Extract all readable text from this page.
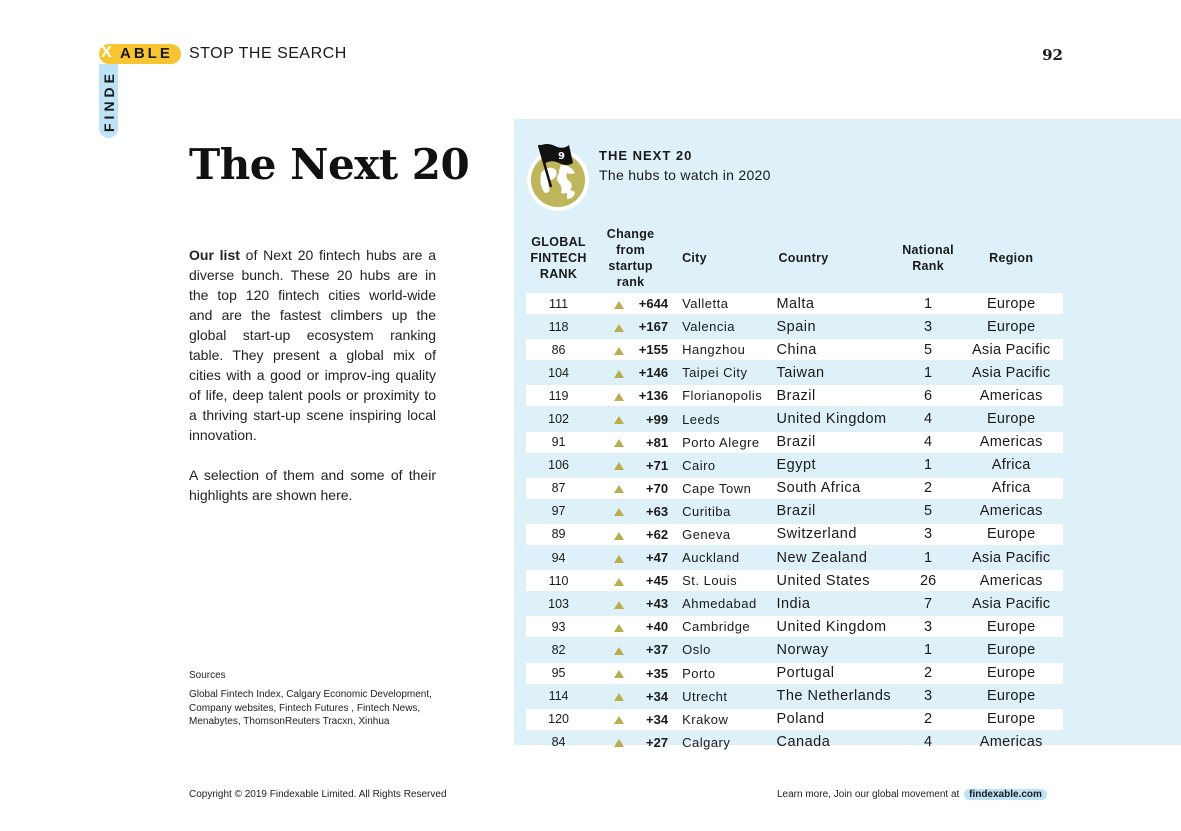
X ABLE
FINDE
STOP THE SEARCH	92
The Next 20

Our list of Next 20 fintech hubs are a diverse bunch. These 20 hubs are in the top 120 fintech cities world-wide and are the fastest climbers up the global start-up ecosystem ranking table. They present a global mix of cities with a good or improv-ing quality of life, deep talent pools or proximity to a thriving start-up scene inspiring local innovation.

A selection of them and some of their highlights are shown here.

Sources
Global Fintech Index, Calgary Economic Development, Company websites, Fintech Futures , Fintech News, Menabytes, ThomsonReuters Tracxn, Xinhua
9	THE NEXT 20
The hubs to watch in 2020
GLOBAL
FINTECH
RANK	Change
from
startup rank		City	Country	National
Rank	Region
111		+644	Valletta	Malta	1	Europe
118		+167	Valencia	Spain	3	Europe
86		+155	Hangzhou	China	5	Asia Pacific
104		+146	Taipei City	Taiwan	1	Asia Pacific
119		+136	Florianopolis	Brazil	6	Americas
102		+99	Leeds	United Kingdom	4	Europe
91		+81	Porto Alegre	Brazil	4	Americas
106		+71	Cairo	Egypt	1	Africa
87		+70	Cape Town	South Africa	2	Africa
97		+63	Curitiba	Brazil	5	Americas
89		+62	Geneva	Switzerland	3	Europe
94		+47	Auckland	New Zealand	1	Asia Pacific
110		+45	St. Louis	United States	26	Americas
103		+43	Ahmedabad	India	7	Asia Pacific
93		+40	Cambridge	United Kingdom	3	Europe
82		+37	Oslo	Norway	1	Europe
95		+35	Porto	Portugal	2	Europe
114		+34	Utrecht	The Netherlands	3	Europe
120		+34	Krakow	Poland	2	Europe
84		+27	Calgary	Canada	4	Americas
Copyright © 2019 Findexable Limited. All Rights Reserved	Learn more, Join our global movement at findexable.com
